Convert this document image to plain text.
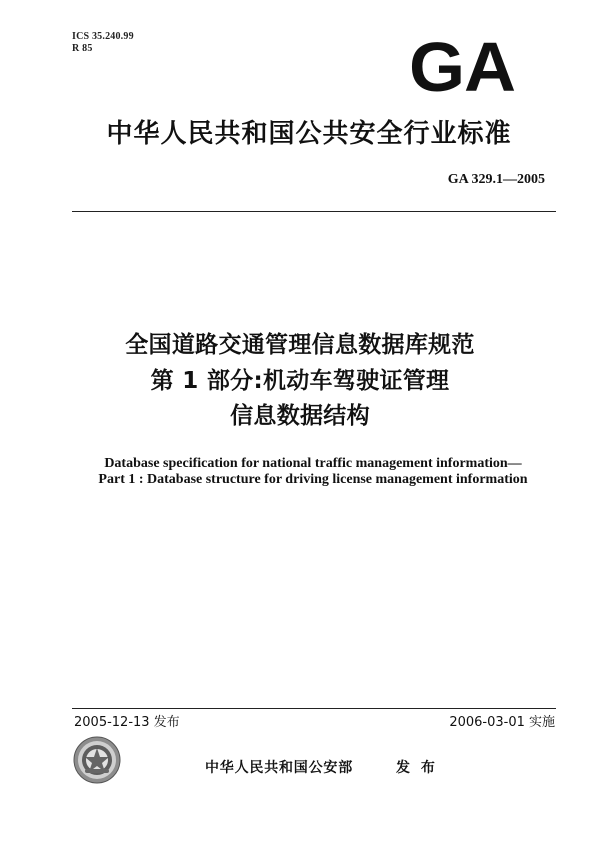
ICS 35.240.99
R 85	GA
中华人民共和国公共安全行业标准
GA 329.1—2005
全国道路交通管理信息数据库规范
第 1 部分:机动车驾驶证管理
信息数据结构
Database specification for national traffic management information—
Part 1 : Database structure for driving license management information
2005-12-13 发布	2006-03-01 实施
中华人民共和国公安部	发 布
